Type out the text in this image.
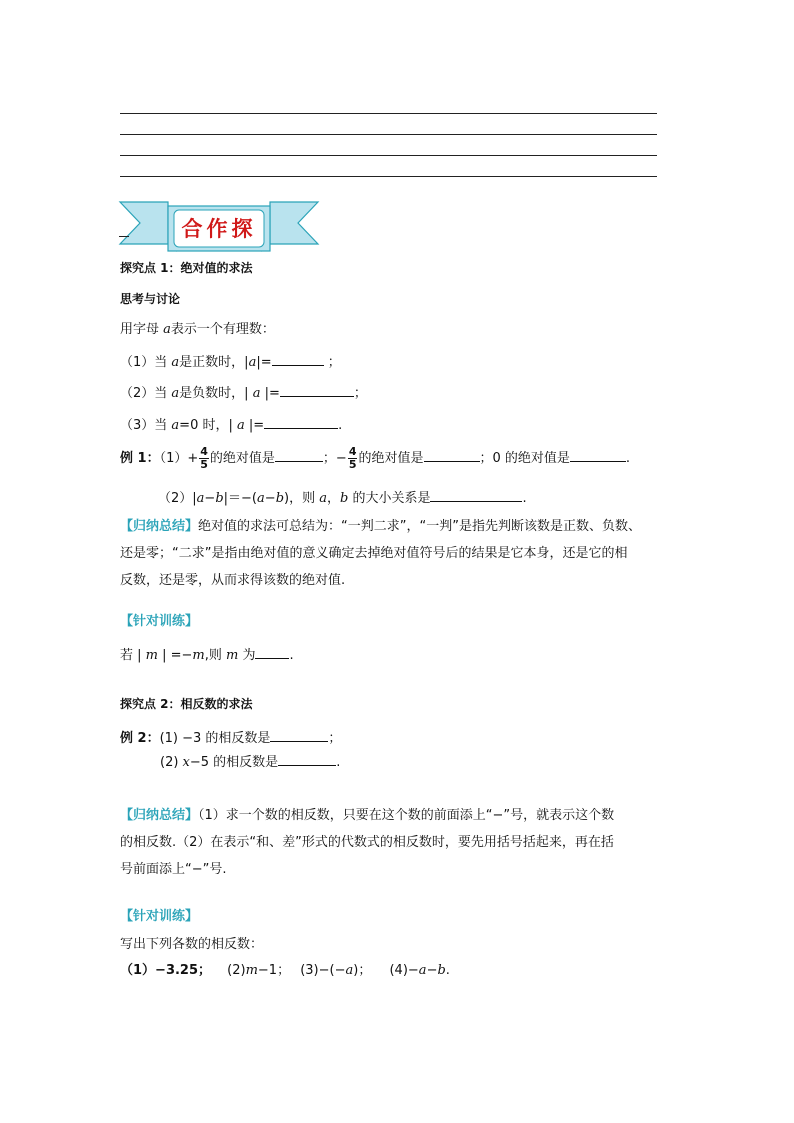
合作探
探究点 1：绝对值的求法
思考与讨论
用字母 a表示一个有理数：
（1）当 a是正数时，|a|=	；
（2）当 a是负数时，| a |=	；
（3）当 a=0 时，| a |=	.
例 1：$(1)+ \frac{4}{5}$ 的绝对值是	；− $\frac{4}{5}$ 的绝对值是	；0 的绝对值是	.
（2）|a−b|＝−(a−b)，则 a，b 的大小关系是	.
【归纳总结】绝对值的求法可总结为：“一判二求”，“一判”是指先判断该数是正数、负数、
还是零；“二求”是指由绝对值的意义确定去掉绝对值符号后的结果是它本身，还是它的相
反数，还是零，从而求得该数的绝对值.
【针对训练】
若 | m | =−m,则 m 为	.
探究点 2：相反数的求法
例 2：(1) −3 的相反数是	；
(2) x−5 的相反数是	.
【归纳总结】（1）求一个数的相反数，只要在这个数的前面添上“−”号，就表示这个数
的相反数.（2）在表示“和、差”形式的代数式的相反数时，要先用括号括起来，再在括
号前面添上“−”号.
【针对训练】
写出下列各数的相反数：
（1）−3.25； (2)m−1； (3)−(−a)； (4)−a−b.
